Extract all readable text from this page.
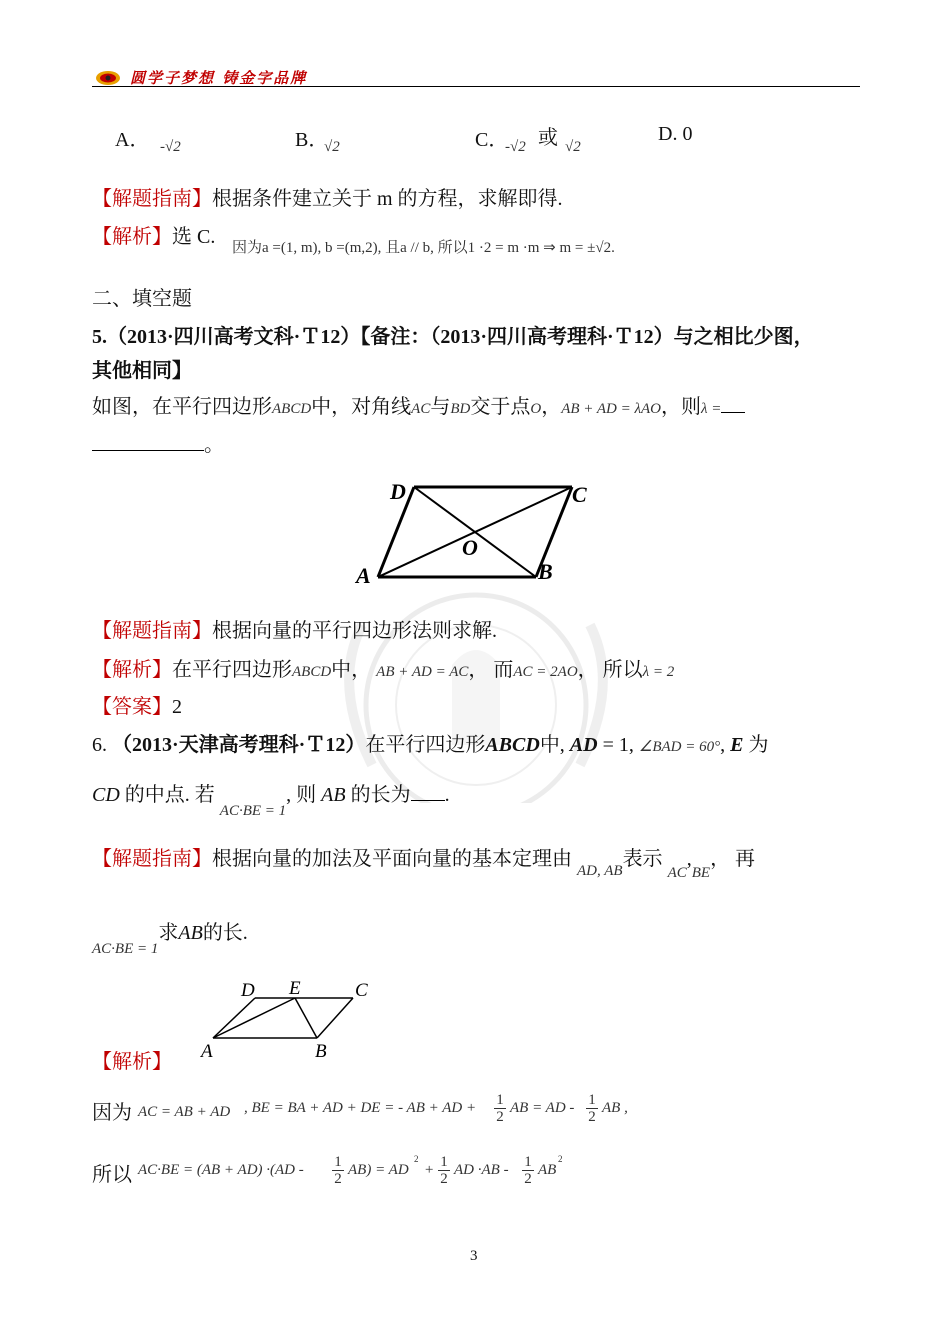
圆学子梦想 铸金字品牌
A． -√2	B．
√2	C．
-√2 或 √2
D. 0
【解题指南】根据条件建立关于 m 的方程，求解即得.
【解析】选 C. 因为a =(1, m), b =(m,2), 且a // b, 所以1 ·2 = m ·m ⇒ m = ±√2.
二、填空题
5.（2013·四川高考文科·Ｔ12）【备注：（2013·四川高考理科·Ｔ12）与之相比少图，
其他相同】
如图，在平行四边形ABCD中，对角线AC与BD交于点O，AB + AD = λAO，则λ =
。
D	C
O
A	B
【解题指南】根据向量的平行四边形法则求解.
【解析】在平行四边形ABCD中， AB + AD = AC， 而AC = 2AO， 所以λ = 2
【答案】2
6. （2013·天津高考理科·Ｔ12）在平行四边形ABCD中, AD = 1, ∠BAD = 60°, E 为
CD 的中点. 若 $_{AC\cdot BE = 1}$, 则 AB 的长为 .
【解题指南】根据向量的加法及平面向量的基本定理由 $_{AD, AB}$表示 $_{AC},_{BE}$， 再
AC·BE = 1求AB的长.
D E	C
A	B
【解析】
因为 AC = AB + AD , BE = BA + AD + DE = - AB + AD + $\frac{1}{2}$ AB = AD - $\frac{1}{2}$ AB ,
所以 $AC\cdot BE = (AB + AD) \cdot(AD - \frac{1}{2} AB)$ = AD
2
+ $\frac{1}{2}$ AD $\cdot AB - \frac{1}{2}$ AB
2
3
